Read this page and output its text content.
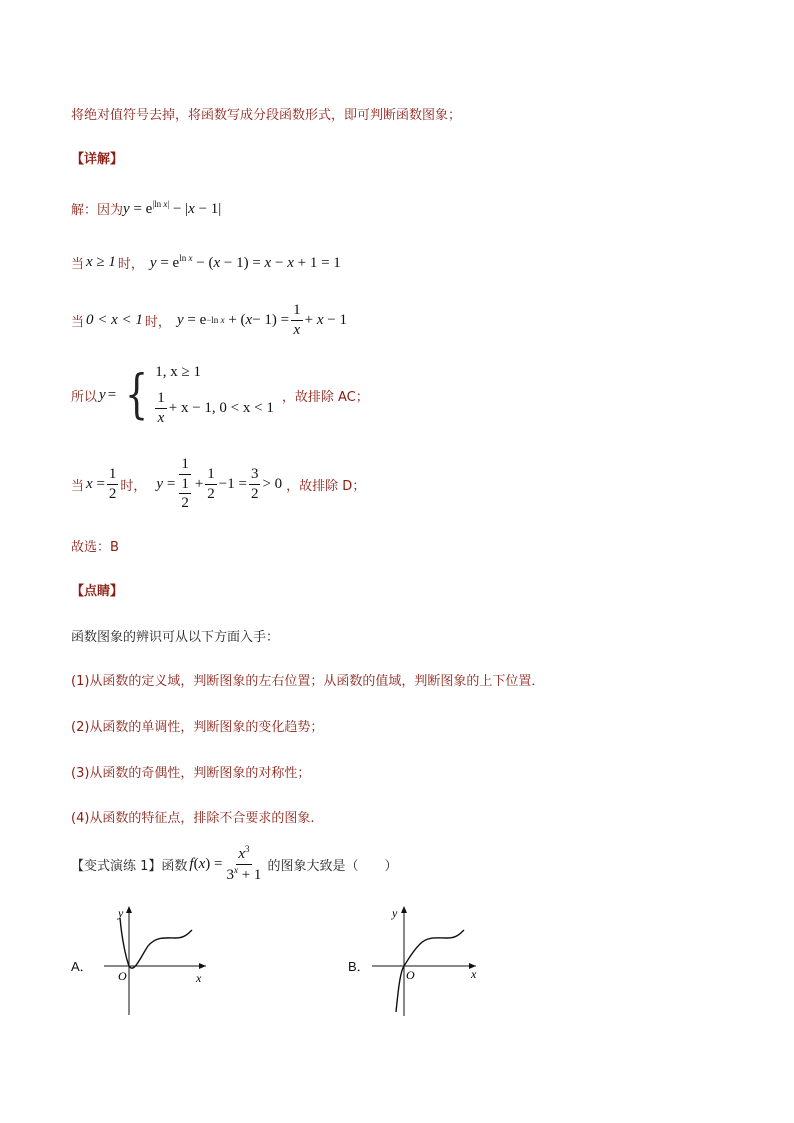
将绝对值符号去掉，将函数写成分段函数形式，即可判断函数图象；
【详解】
解：因为 $y = e^{|ln x|} - |x - 1|$
当 x ≥ 1 时， $y = e^{ln x} - (x - 1) = x - x + 1 = 1$
当 0 < x < 1 时， y = e −ln x + ( $x - 1) = \frac{1}{x} + x - 1$
所以 y = { 1, x ≥ 1
$\frac{1}{x} + x - 1$, 0 < x < 1
，故排除 AC；
当 $x = \frac{1}{2}$ 时， $y = \frac{1}{\frac{1}{2}} + \frac{1}{2} -1 = \frac{3}{2} > 0$ ，故排除 D；
故选：B
【点睛】
函数图象的辨识可从以下方面入手：
(1)从函数的定义域，判断图象的左右位置；从函数的值域，判断图象的上下位置．
(2)从函数的单调性，判断图象的变化趋势；
(3)从函数的奇偶性，判断图象的对称性；
(4)从函数的特征点，排除不合要求的图象.
【变式演练 1】函数 f ( x ) = $\frac{x^3}{3^x + 1}$ 的图象大致是（　　）
A．
y
x
O
B．
y
x
O
